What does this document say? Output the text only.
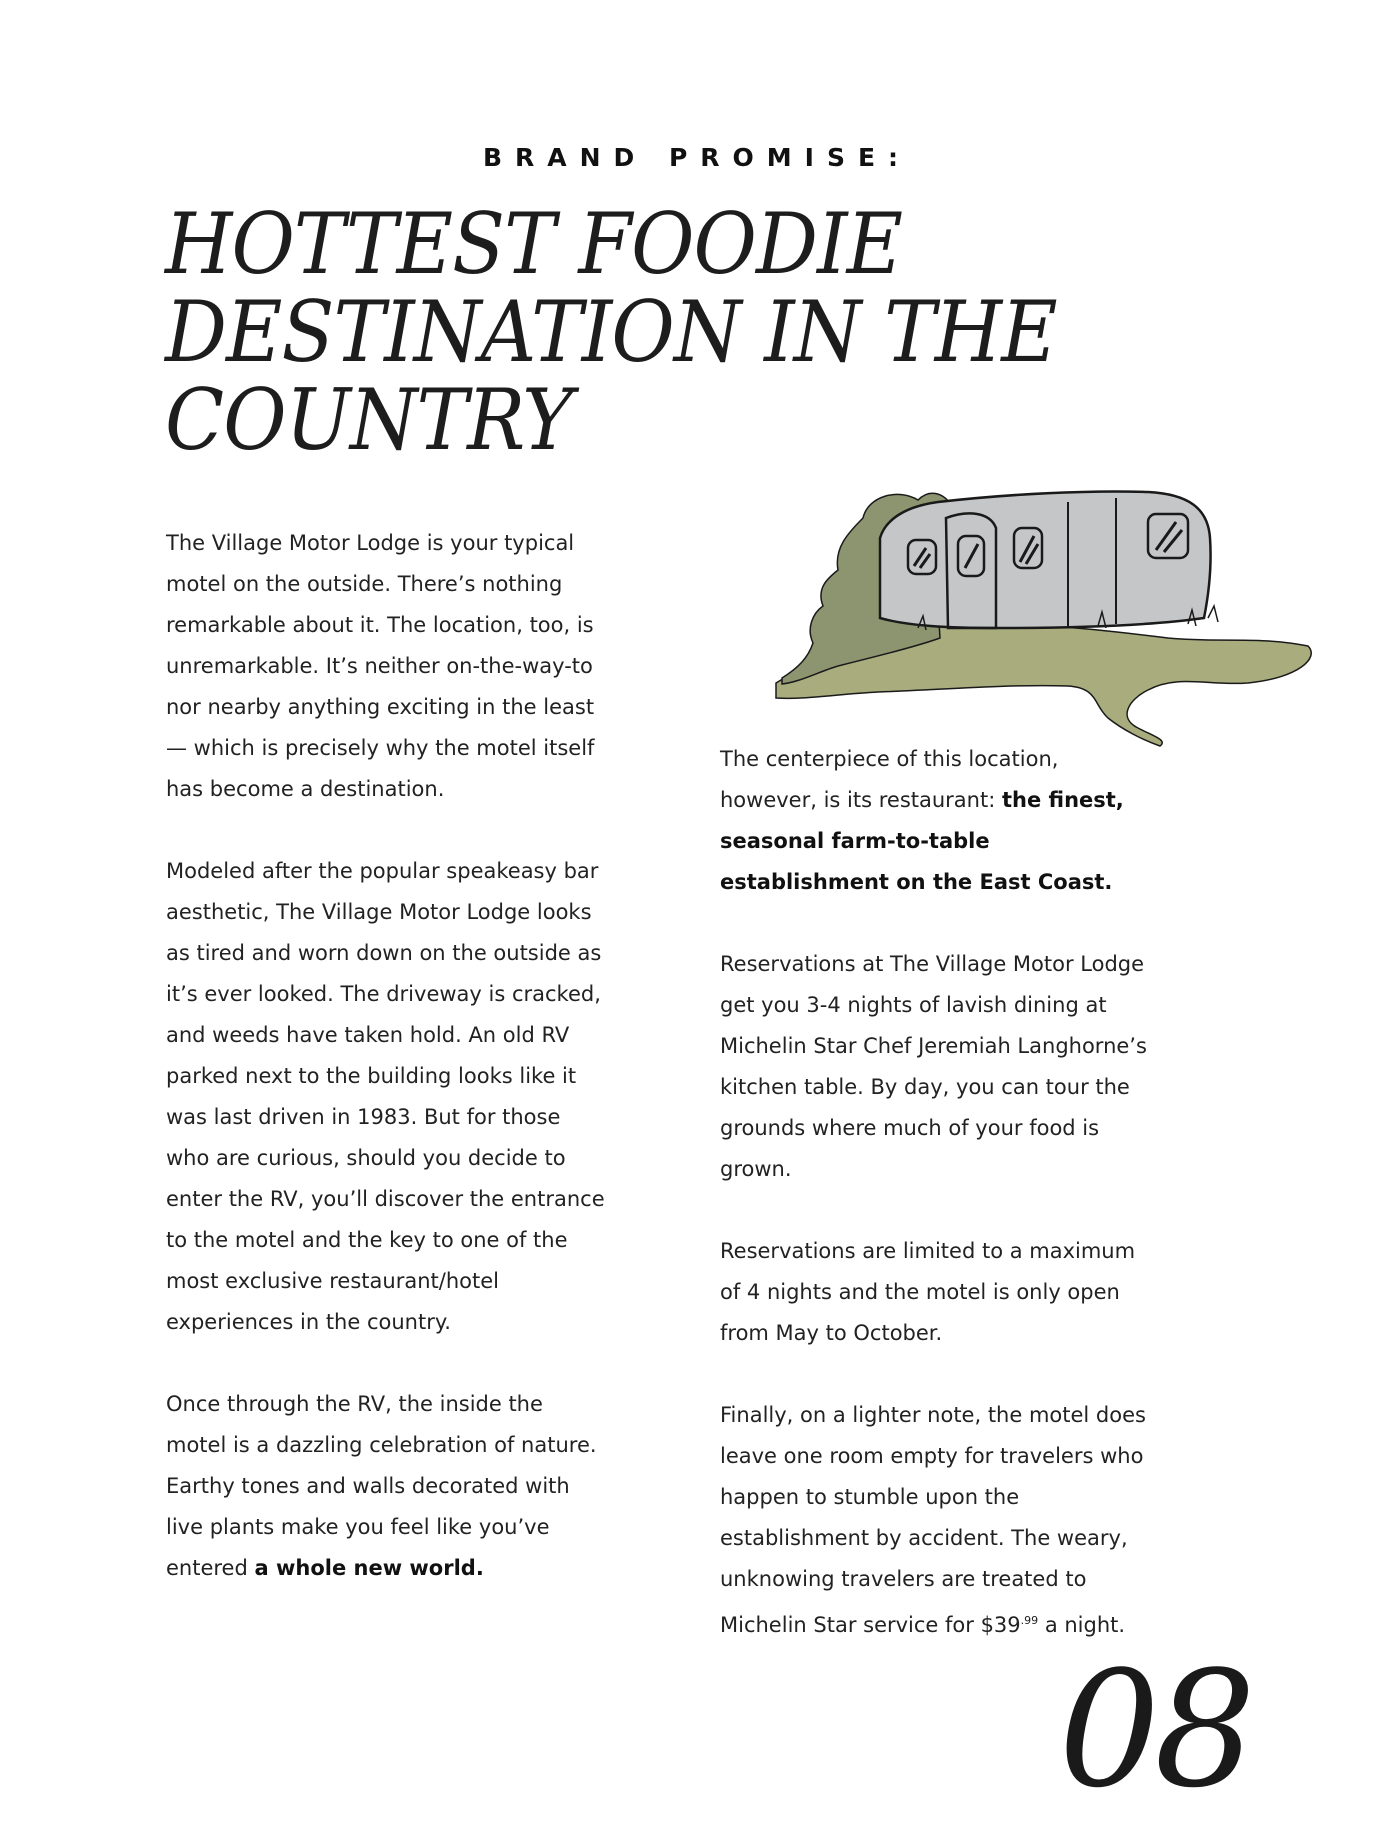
BRAND PROMISE:
HOTTEST FOODIE DESTINATION IN THE COUNTRY

The Village Motor Lodge is your typical motel on the outside. There’s nothing remarkable about it. The location, too, is unremarkable. It’s neither on-the-way-to nor nearby anything exciting in the least — which is precisely why the motel itself has become a destination.

Modeled after the popular speakeasy bar aesthetic, The Village Motor Lodge looks as tired and worn down on the outside as it’s ever looked. The driveway is cracked, and weeds have taken hold. An old RV parked next to the building looks like it was last driven in 1983. But for those who are curious, should you decide to enter the RV, you’ll discover the entrance to the motel and the key to one of the most exclusive restaurant/hotel experiences in the country.

Once through the RV, the inside the motel is a dazzling celebration of nature. Earthy tones and walls decorated with live plants make you feel like you’ve entered a whole new world.

The centerpiece of this location, however, is its restaurant: the finest, seasonal farm-to-table establishment on the East Coast.

Reservations at The Village Motor Lodge get you 3-4 nights of lavish dining at Michelin Star Chef Jeremiah Langhorne’s kitchen table. By day, you can tour the grounds where much of your food is grown.

Reservations are limited to a maximum of 4 nights and the motel is only open from May to October.

Finally, on a lighter note, the motel does leave one room empty for travelers who happen to stumble upon the establishment by accident. The weary, unknowing travelers are treated to Michelin Star service for $\$39^{.99}$ a night.

08
